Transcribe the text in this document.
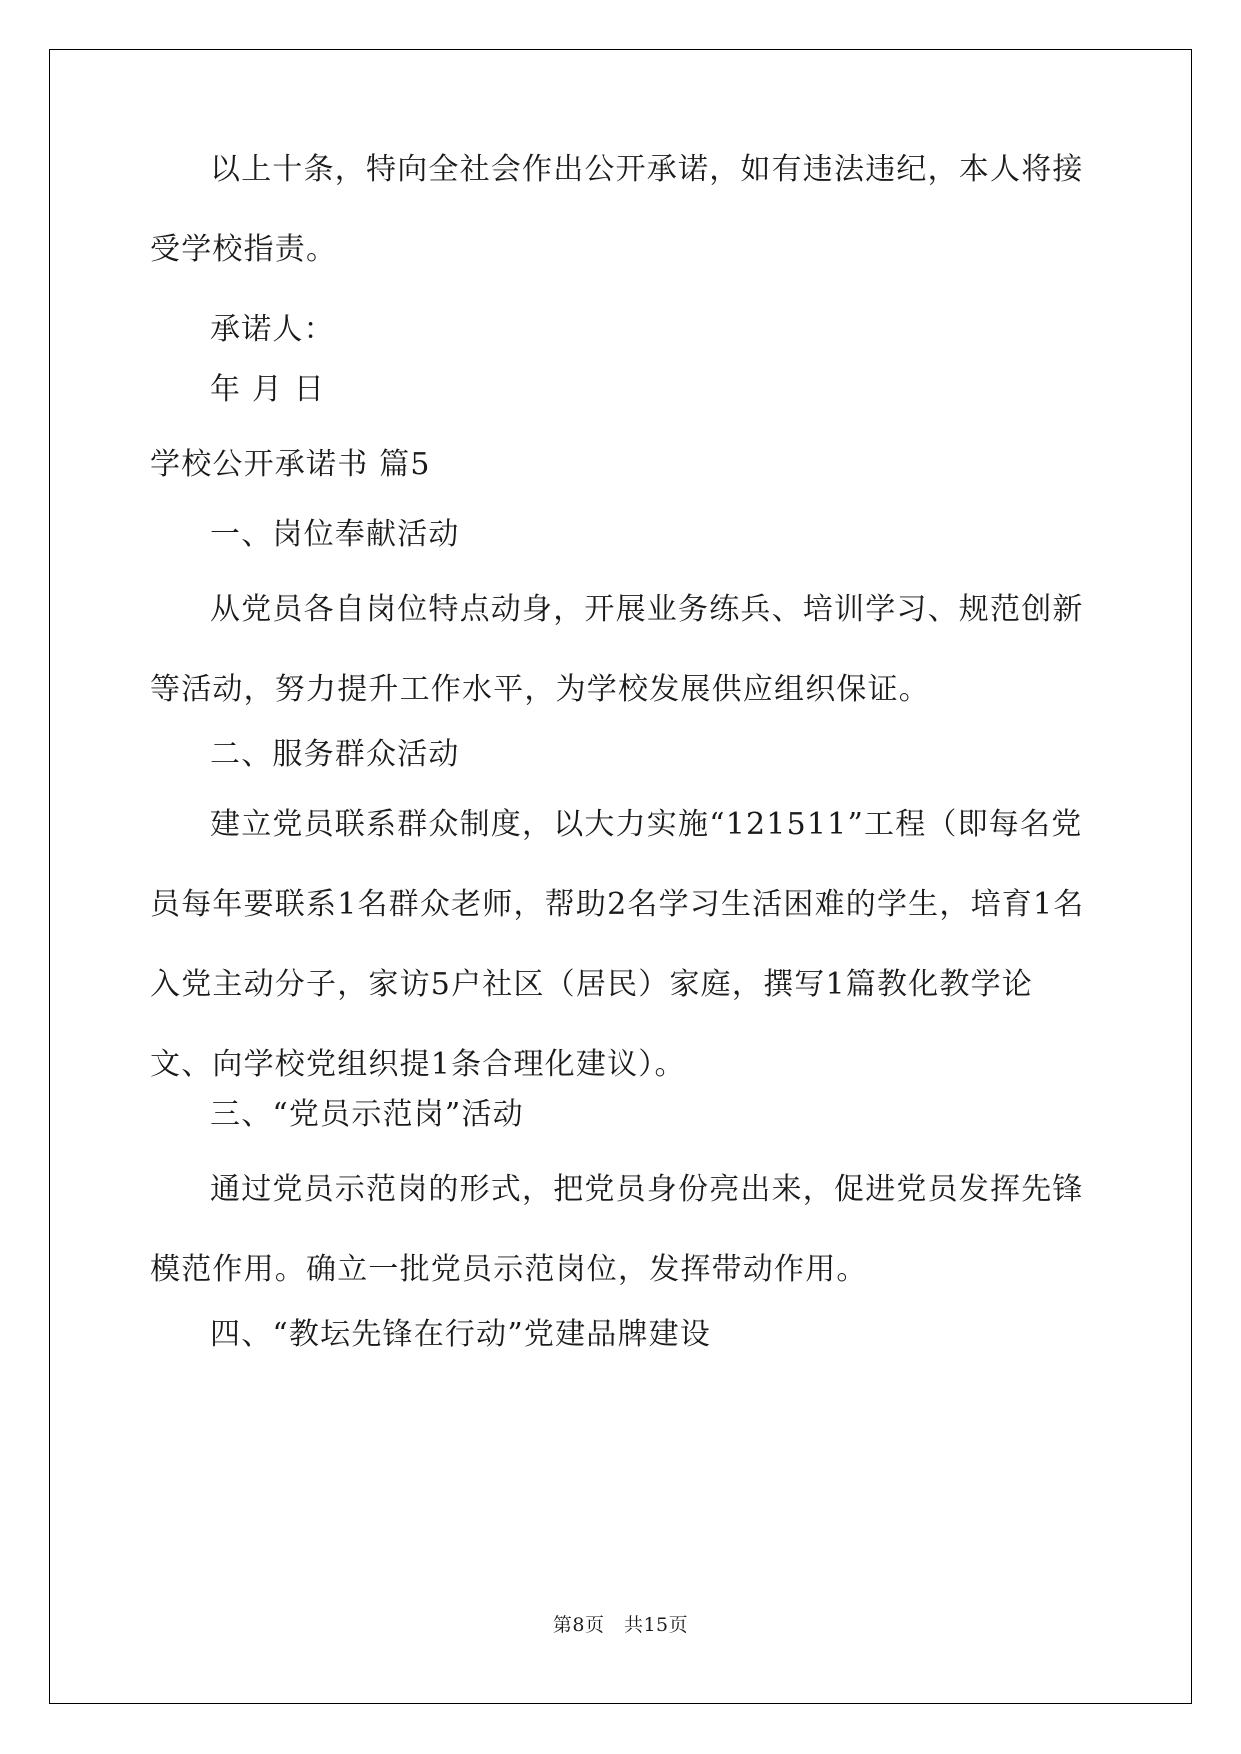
以上十条，特向全社会作出公开承诺，如有违法违纪，本人将接受学校指责。

承诺人：

年 月 日

学校公开承诺书 篇5

一、岗位奉献活动

从党员各自岗位特点动身，开展业务练兵、培训学习、规范创新等活动，努力提升工作水平，为学校发展供应组织保证。

二、服务群众活动

建立党员联系群众制度，以大力实施“121511”工程（即每名党员每年要联系1名群众老师，帮助2名学习生活困难的学生，培育1名入党主动分子，家访5户社区（居民）家庭，撰写1篇教化教学论文、向学校党组织提1条合理化建议）。

三、“党员示范岗”活动

通过党员示范岗的形式，把党员身份亮出来，促进党员发挥先锋模范作用。确立一批党员示范岗位，发挥带动作用。

四、“教坛先锋在行动”党建品牌建设

第8页　共15页
